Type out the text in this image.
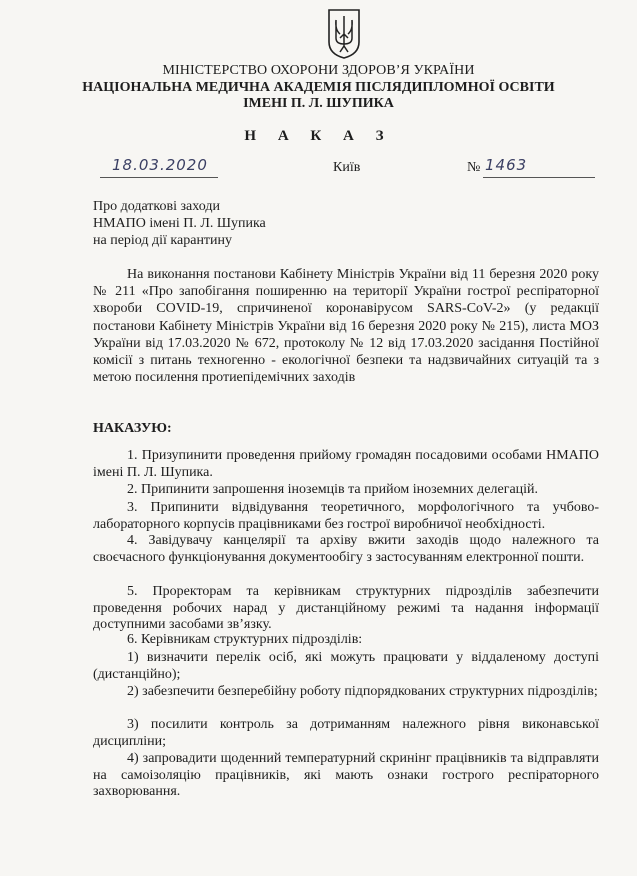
МІНІСТЕРСТВО ОХОРОНИ ЗДОРОВ’Я УКРАЇНИ
НАЦІОНАЛЬНА МЕДИЧНА АКАДЕМІЯ ПІСЛЯДИПЛОМНОЇ ОСВІТИ
ІМЕНІ П. Л. ШУПИКА
Н А К А З
18.03.2020	Київ	№ 1463
Про додаткові заходи
НМАПО імені П. Л. Шупика
на період дії карантину
На виконання постанови Кабінету Міністрів України від 11 березня 2020 року № 211 «Про запобігання поширенню на території України гострої респіраторної хвороби COVID-19, спричиненої коронавірусом SARS-CoV-2» (у редакції постанови Кабінету Міністрів України від 16 березня 2020 року № 215), листа МОЗ України від 17.03.2020 № 672, протоколу № 12 від 17.03.2020 засідання Постійної комісії з питань техногенно - екологічної безпеки та надзвичайних ситуацій та з метою посилення протиепідемічних заходів
НАКАЗУЮ:
1. Призупинити проведення прийому громадян посадовими особами НМАПО імені П. Л. Шупика.
2. Припинити запрошення іноземців та прийом іноземних делегацій.
3. Припинити відвідування теоретичного, морфологічного та учбово-лабораторного корпусів працівниками без гострої виробничої необхідності.
4. Завідувачу канцелярії та архіву вжити заходів щодо належного та своєчасного функціонування документообігу з застосуванням електронної пошти.
5. Проректорам та керівникам структурних підрозділів забезпечити проведення робочих нарад у дистанційному режимі та надання інформації доступними засобами зв’язку.
6. Керівникам структурних підрозділів:
1) визначити перелік осіб, які можуть працювати у віддаленому доступі (дистанційно);
2) забезпечити безперебійну роботу підпорядкованих структурних підрозділів;
3) посилити контроль за дотриманням належного рівня виконавської дисципліни;
4) запровадити щоденний температурний скринінг працівників та відправляти на самоізоляцію працівників, які мають ознаки гострого респіраторного захворювання.
